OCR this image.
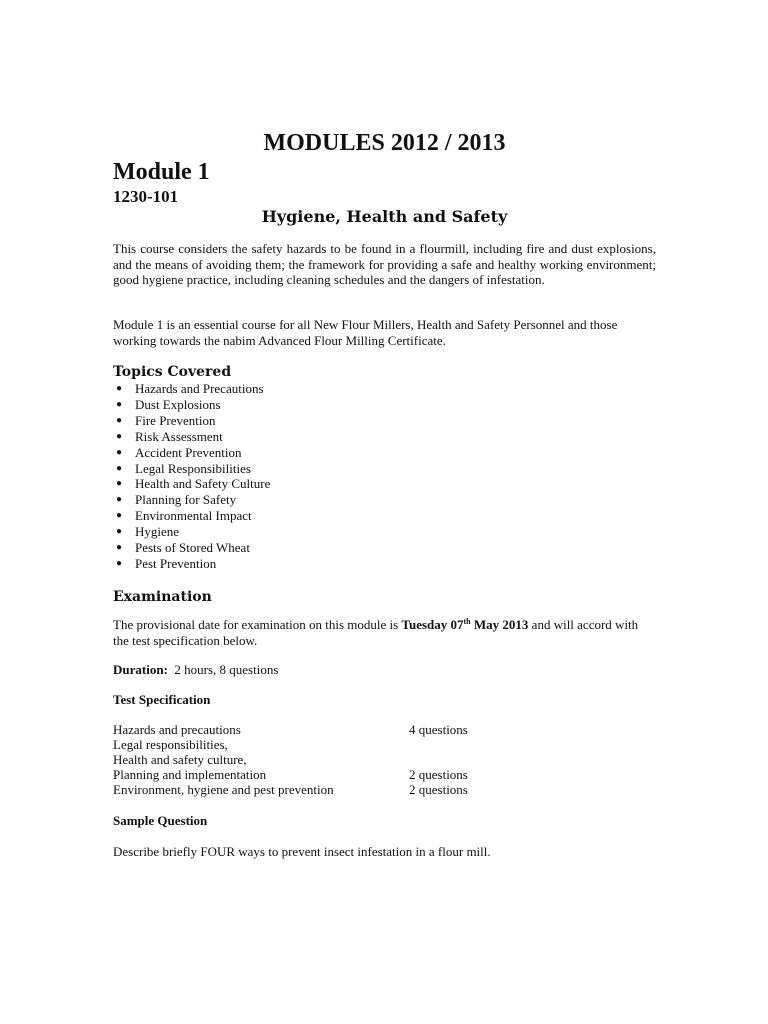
MODULES 2012 / 2013
Module 1
1230-101
Hygiene, Health and Safety

This course considers the safety hazards to be found in a flourmill, including fire and dust explosions, and the means of avoiding them; the framework for providing a safe and healthy working environment; good hygiene practice, including cleaning schedules and the dangers of infestation.

Module 1 is an essential course for all New Flour Millers, Health and Safety Personnel and those working towards the nabim Advanced Flour Milling Certificate.

Topics Covered
● Hazards and Precautions
● Dust Explosions
● Fire Prevention
● Risk Assessment
● Accident Prevention
● Legal Responsibilities
● Health and Safety Culture
● Planning for Safety
● Environmental Impact
● Hygiene
● Pests of Stored Wheat
● Pest Prevention
Examination

The provisional date for examination on this module is Tuesday 07th May 2013 and will accord with the test specification below.

Duration:  2 hours, 8 questions

Test Specification

Hazards and precautions	4 questions
Legal responsibilities,
Health and safety culture,
Planning and implementation	2 questions
Environment, hygiene and pest prevention	2 questions

Sample Question

Describe briefly FOUR ways to prevent insect infestation in a flour mill.
